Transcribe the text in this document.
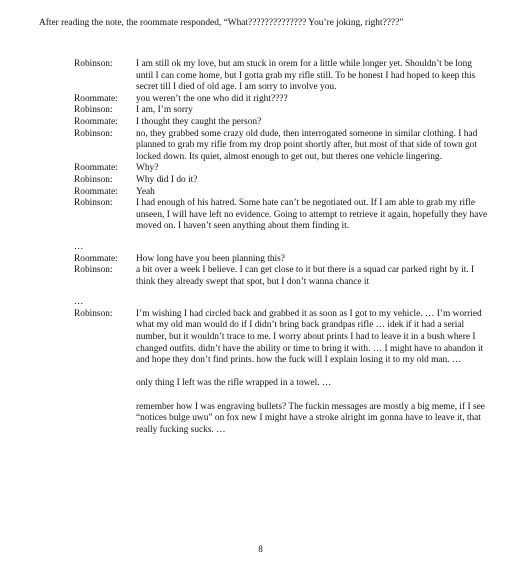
After reading the note, the roommate responded, “What?????????????? You’re joking, right????”
Robinson:	I am still ok my love, but am stuck in orem for a little while longer yet. Shouldn’t be long until I can come home, but I gotta grab my rifle still. To be honest I had hoped to keep this secret till I died of old age. I am sorry to involve you.
Roommate:	you weren’t the one who did it right????
Robinson:	I am, I’m sorry
Roommate:	I thought they caught the person?
Robinson:	no, they grabbed some crazy old dude, then interrogated someone in similar clothing. I had planned to grab my rifle from my drop point shortly after, but most of that side of town got locked down. Its quiet, almost enough to get out, but theres one vehicle lingering.
Roommate:	Why?
Robinson:	Why did I do it?
Roommate:	Yeah
Robinson:	I had enough of his hatred. Some hate can’t be negotiated out. If I am able to grab my rifle unseen, I will have left no evidence. Going to attempt to retrieve it again, hopefully they have moved on. I haven’t seen anything about them finding it.
…
Roommate:	How long have you been planning this?
Robinson:	a bit over a week I believe. I can get close to it but there is a squad car parked right by it. I think they already swept that spot, but I don’t wanna chance it
…
Robinson:	I’m wishing I had circled back and grabbed it as soon as I got to my vehicle. … I’m worried what my old man would do if I didn’t bring back grandpas rifle … idek if it had a serial number, but it wouldn’t trace to me. I worry about prints I had to leave it in a bush where I changed outfits. didn’t have the ability or time to bring it with. … I might have to abandon it and hope they don’t find prints. how the fuck will I explain losing it to my old man. …
only thing I left was the rifle wrapped in a towel. …
remember how I was engraving bullets? The fuckin messages are mostly a big meme, if I see “notices bulge uwu” on fox new I might have a stroke alright im gonna have to leave it, that really fucking sucks. …
8
